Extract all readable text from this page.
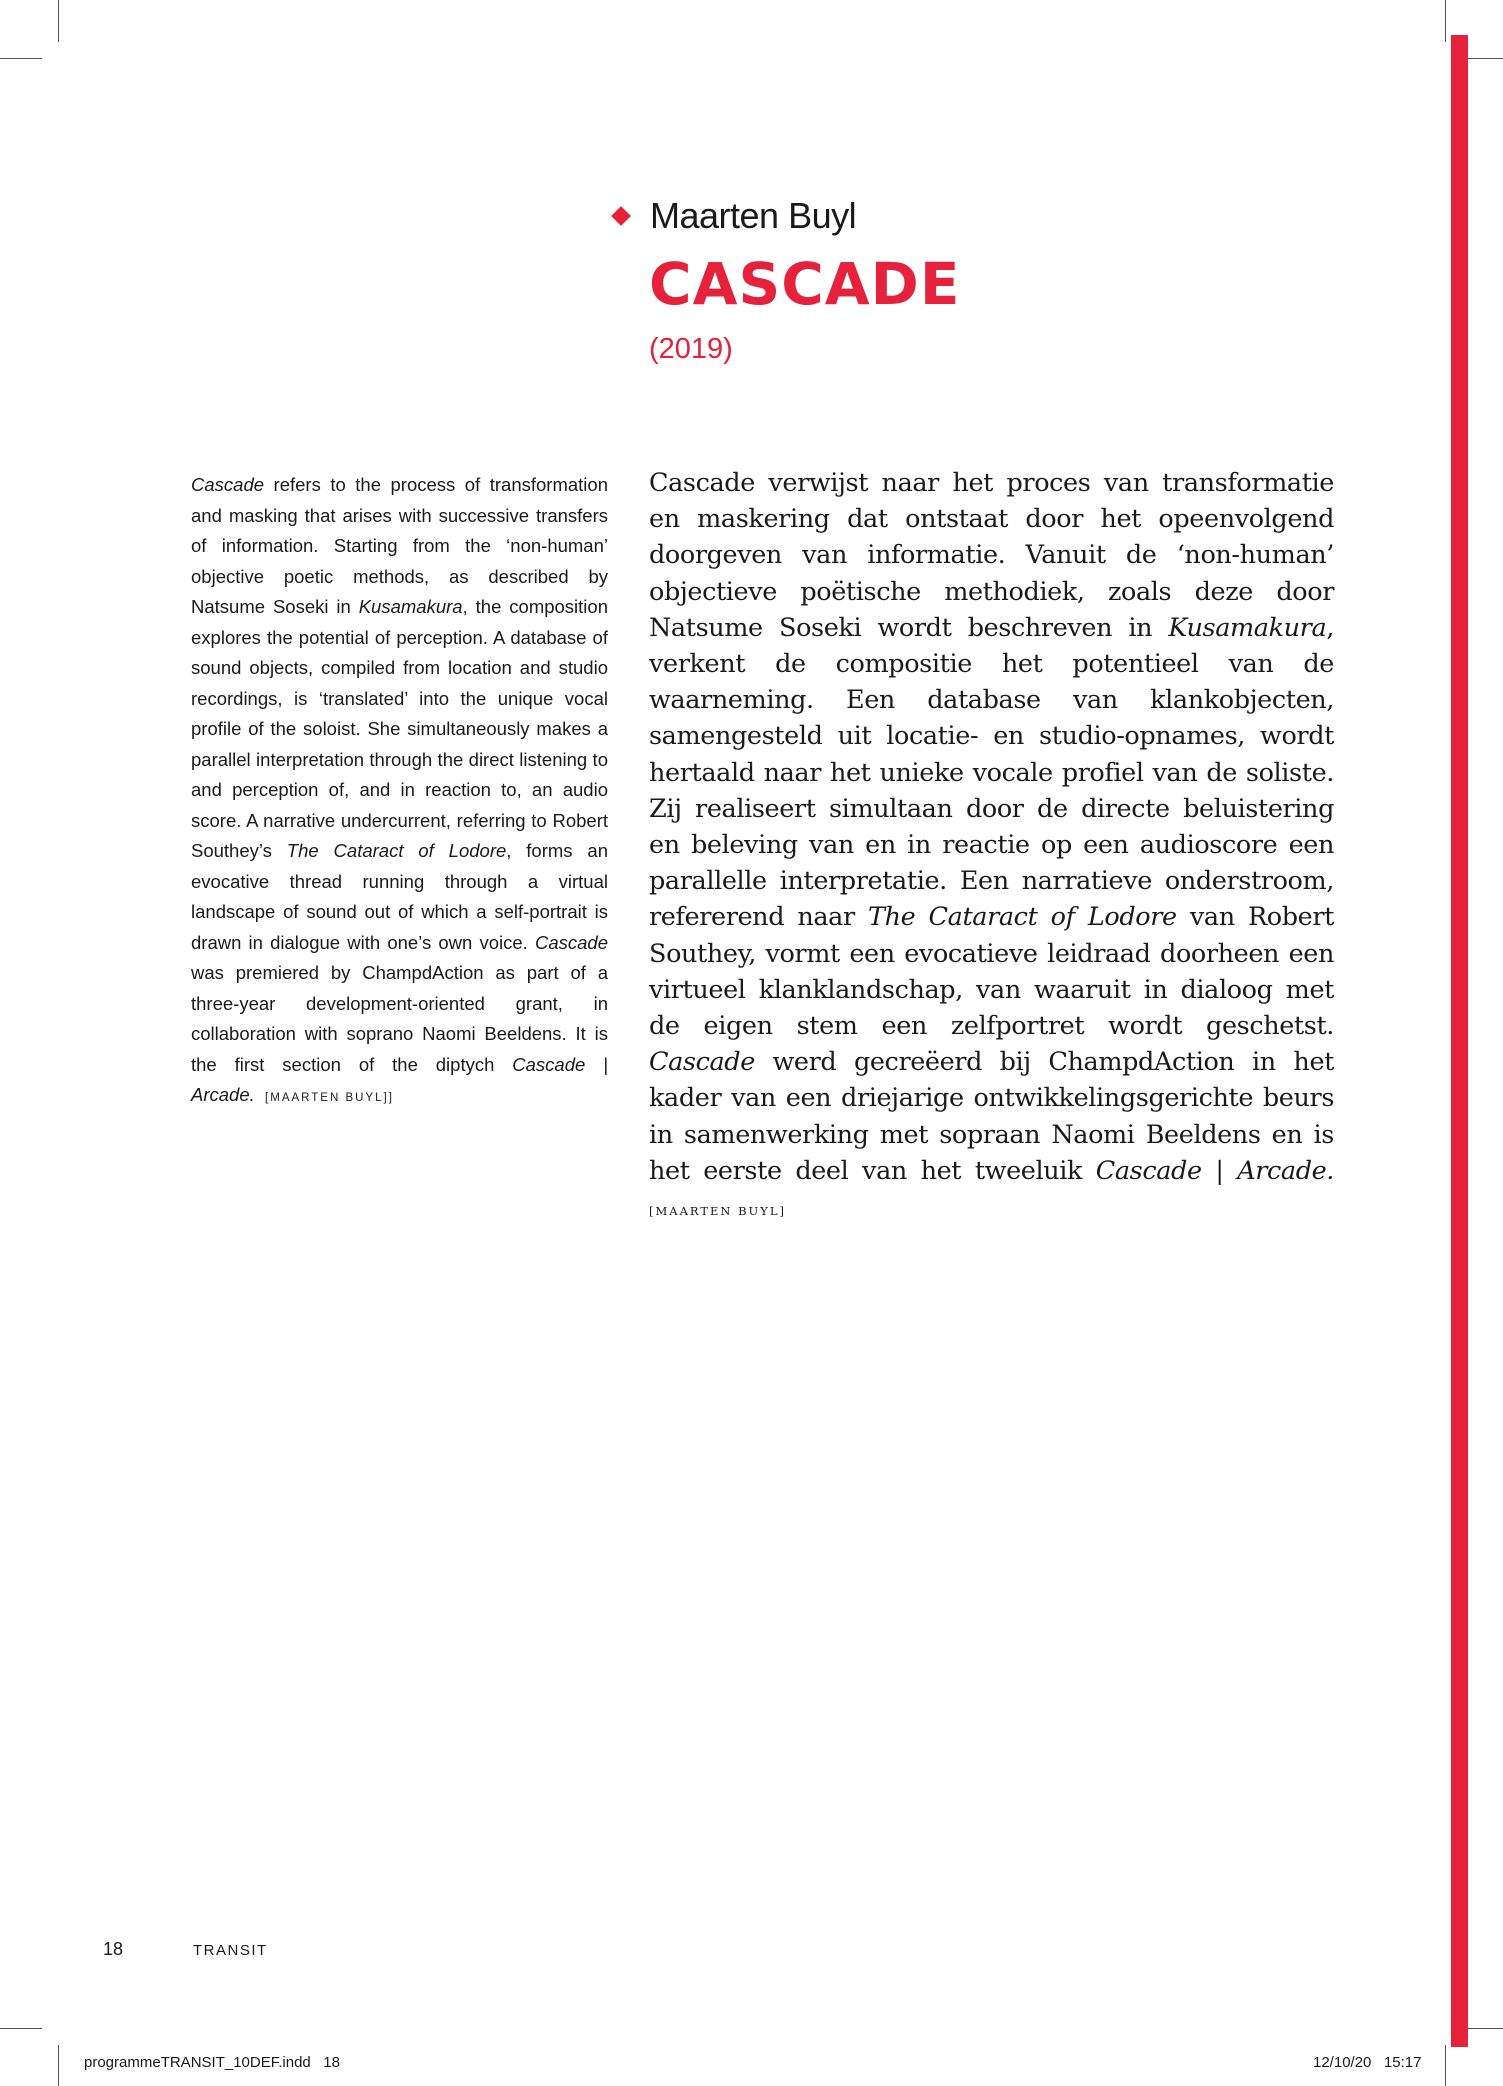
Maarten Buyl
CASCADE
(2019)
Cascade refers to the process of transformation and masking that arises with successive transfers of information. Starting from the ‘non-human’ objective poetic methods, as described by Natsume Soseki in Kusamakura, the composition explores the potential of perception. A database of sound objects, compiled from location and studio recordings, is ‘translated’ into the unique vocal profile of the soloist. She simultaneously makes a parallel interpretation through the direct listening to and perception of, and in reaction to, an audio score. A narrative undercurrent, referring to Robert Southey’s The Cataract of Lodore, forms an evocative thread running through a virtual landscape of sound out of which a self-portrait is drawn in dialogue with one’s own voice. Cascade was premiered by ChampdAction as part of a three-year development-oriented grant, in collaboration with soprano Naomi Beeldens. It is the first section of the diptych Cascade | Arcade. [MAARTEN BUYL]]
Cascade verwijst naar het proces van transformatie en maskering dat ontstaat door het opeenvolgend doorgeven van informatie. Vanuit de ‘non-human’ objectieve poëtische methodiek, zoals deze door Natsume Soseki wordt beschreven in Kusamakura, verkent de compositie het potentieel van de waarneming. Een database van klankobjecten, samengesteld uit locatie- en studio-opnames, wordt hertaald naar het unieke vocale profiel van de soliste. Zij realiseert simultaan door de directe beluistering en beleving van en in reactie op een audioscore een parallelle interpretatie. Een narratieve onderstroom, refererend naar The Cataract of Lodore van Robert Southey, vormt een evocatieve leidraad doorheen een virtueel klanklandschap, van waaruit in dialoog met de eigen stem een zelfportret wordt geschetst. Cascade werd gecreëerd bij ChampdAction in het kader van een driejarige ontwikkelingsgerichte beurs in samenwerking met sopraan Naomi Beeldens en is het eerste deel van het tweeluik Cascade | Arcade. [MAARTEN BUYL]
18	TRANSIT
programmeTRANSIT_10DEF.indd   18	12/10/20   15:17
